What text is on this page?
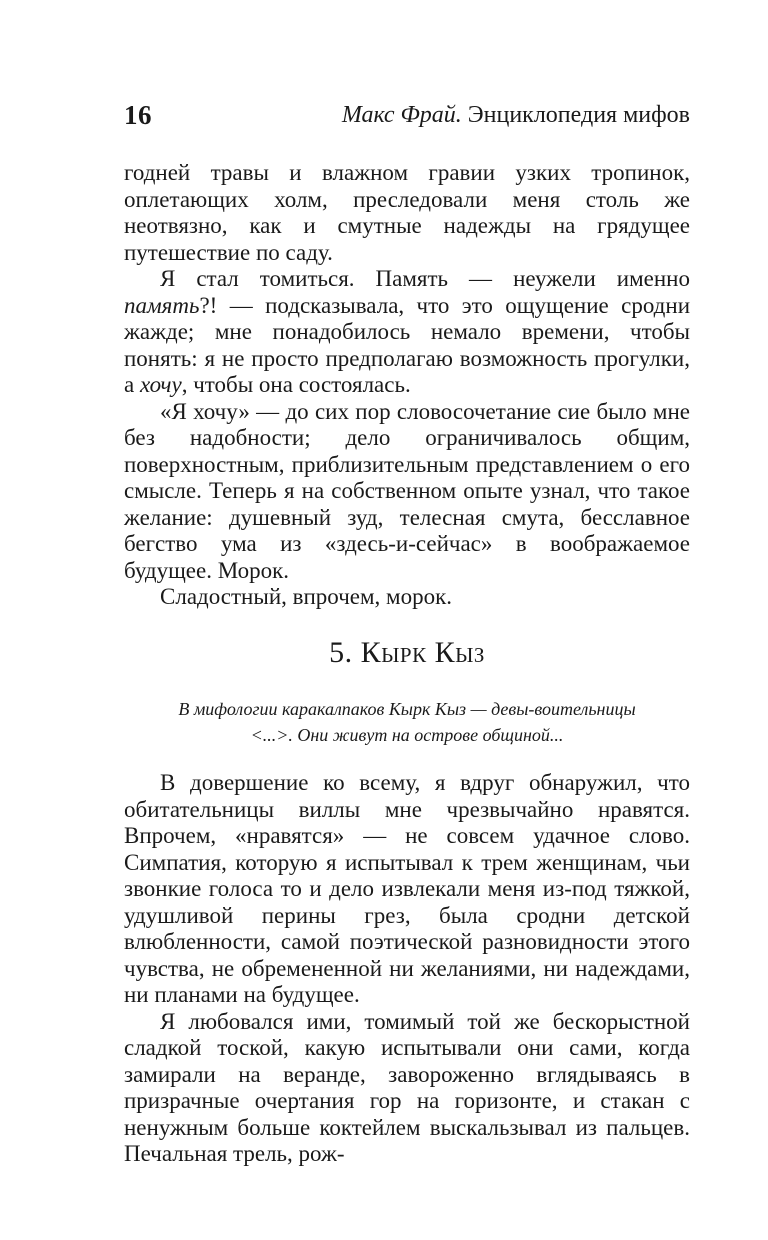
16	Макс Фрай. Энциклопедия мифов

годней травы и влажном гравии узких тропинок, оплетающих холм, преследовали меня столь же неотвязно, как и смутные надежды на грядущее путешествие по саду.

Я стал томиться. Память — неужели именно память?! — подсказывала, что это ощущение сродни жажде; мне понадобилось немало времени, чтобы понять: я не просто предполагаю возможность прогулки, а хочу, чтобы она состоялась.

«Я хочу» — до сих пор словосочетание сие было мне без надобности; дело ограничивалось общим, поверхностным, приблизительным представлением о его смысле. Теперь я на собственном опыте узнал, что такое желание: душевный зуд, телесная смута, бесславное бегство ума из «здесь-и-сейчас» в воображаемое будущее. Морок.

Сладостный, впрочем, морок.

5. Кырк Кыз
В мифологии каракалпаков Кырк Кыз — девы-воительницы
<...>. Они живут на острове общиной...

В довершение ко всему, я вдруг обнаружил, что обитательницы виллы мне чрезвычайно нравятся. Впрочем, «нравятся» — не совсем удачное слово. Симпатия, которую я испытывал к трем женщинам, чьи звонкие голоса то и дело извлекали меня из-под тяжкой, удушливой перины грез, была сродни детской влюбленности, самой поэтической разновидности этого чувства, не обремененной ни желаниями, ни надеждами, ни планами на будущее.

Я любовался ими, томимый той же бескорыстной сладкой тоской, какую испытывали они сами, когда замирали на веранде, завороженно вглядываясь в призрачные очертания гор на горизонте, и стакан с ненужным больше коктейлем выскальзывал из пальцев. Печальная трель, рож-
